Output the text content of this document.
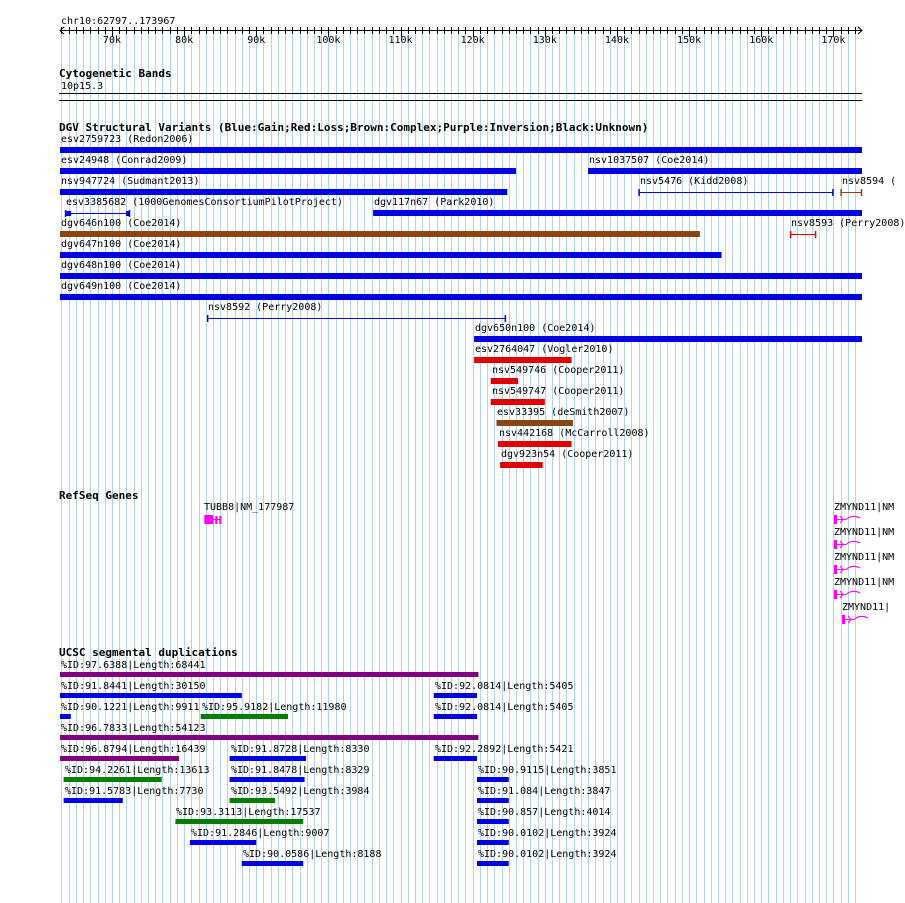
chr10:62797..173967
70k	80k	90k	100k	110k	120k	130k	140k	150k	160k	170k
Cytogenetic Bands
10p15.3
DGV Structural Variants (Blue:Gain;Red:Loss;Brown:Complex;Purple:Inversion;Black:Unknown)
esv2759723 (Redon2006)
esv24948 (Conrad2009)	nsv1037507 (Coe2014)
nsv947724 (Sudmant2013)	nsv5476 (Kidd2008)	nsv8594 (
esv3385682 (1000GenomesConsortiumPilotProject)	dgv117n67 (Park2010)
dgv646n100 (Coe2014)	nsv8593 (Perry2008)
dgv647n100 (Coe2014)
dgv648n100 (Coe2014)
dgv649n100 (Coe2014)
nsv8592 (Perry2008)
dgv650n100 (Coe2014)
esv2764047 (Vogler2010)
nsv549746 (Cooper2011)
nsv549747 (Cooper2011)
esv33395 (deSmith2007)
nsv442168 (McCarroll2008)
dgv923n54 (Cooper2011)
RefSeq Genes
TUBB8|NM_177987	ZMYND11|NM
ZMYND11|NM
ZMYND11|NM
ZMYND11|NM
ZMYND11|
UCSC segmental duplications
%ID:97.6388|Length:68441
%ID:91.8441|Length:30150	%ID:92.0814|Length:5405
%ID:90.1221|Length:9911 %ID:95.9182|Length:11980	%ID:92.0814|Length:5405
%ID:96.7833|Length:54123
%ID:96.8794|Length:16439	%ID:91.8728|Length:8330	%ID:92.2892|Length:5421
%ID:94.2261|Length:13613 %ID:91.8478|Length:8329	%ID:90.9115|Length:3851
%ID:91.5783|Length:7730	%ID:93.5492|Length:3984	%ID:91.084|Length:3847
%ID:93.3113|Length:17537	%ID:90.857|Length:4014
%ID:91.2846|Length:9007	%ID:90.0102|Length:3924
%ID:90.0586|Length:8188	%ID:90.0102|Length:3924
